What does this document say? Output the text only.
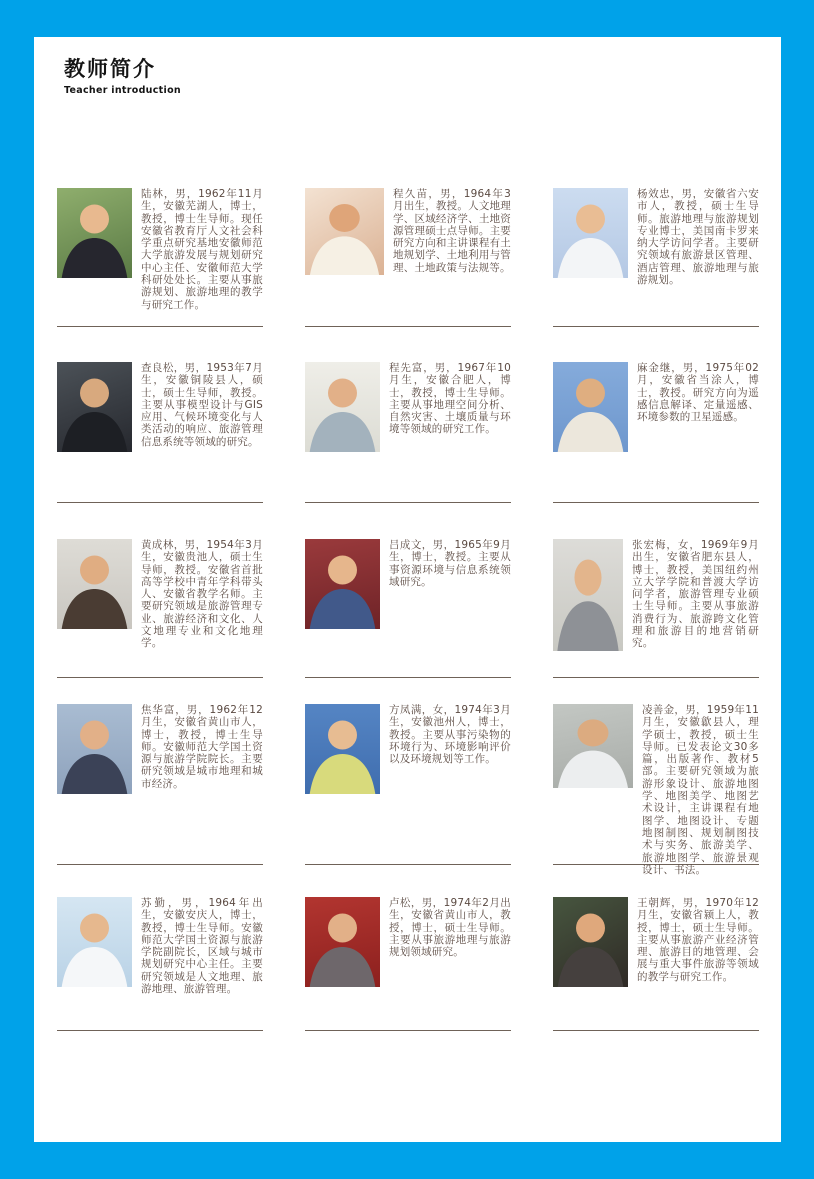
教师简介
Teacher introduction

陆林，男，1962年11月生，安徽芜湖人，博士，教授，博士生导师。现任安徽省教育厅人文社会科学重点研究基地安徽师范大学旅游发展与规划研究中心主任、安徽师范大学科研处处长。主要从事旅游规划、旅游地理的教学与研究工作。

程久苗，男，1964年3月出生，教授。人文地理学、区域经济学、土地资源管理硕士点导师。主要研究方向和主讲课程有土地规划学、土地利用与管理、土地政策与法规等。

杨效忠，男，安徽省六安市人，教授，硕士生导师。旅游地理与旅游规划专业博士，美国南卡罗来纳大学访问学者。主要研究领域有旅游景区管理、酒店管理、旅游地理与旅游规划。

查良松，男，1953年7月生，安徽铜陵县人，硕士，硕士生导师，教授。主要从事模型设计与GIS应用、气候环境变化与人类活动的响应、旅游管理信息系统等领域的研究。

程先富，男，1967年10月生，安徽合肥人，博士，教授，博士生导师。主要从事地理空间分析、自然灾害、土壤质量与环境等领域的研究工作。

麻金继，男，1975年02月，安徽省当涂人，博士，教授。研究方向为遥感信息解译、定量遥感、环境参数的卫星遥感。

黄成林，男，1954年3月生，安徽贵池人，硕士生导师，教授。安徽省首批高等学校中青年学科带头人、安徽省教学名师。主要研究领域是旅游管理专业、旅游经济和文化、人文地理专业和文化地理学。

吕成文，男，1965年9月生，博士，教授。主要从事资源环境与信息系统领域研究。

张宏梅，女，1969年9月出生，安徽省肥东县人，博士，教授，美国纽约州立大学学院和普渡大学访问学者，旅游管理专业硕士生导师。主要从事旅游消费行为、旅游跨文化管理和旅游目的地营销研究。

焦华富，男，1962年12月生，安徽省黄山市人，博士，教授，博士生导师。安徽师范大学国土资源与旅游学院院长。主要研究领域是城市地理和城市经济。

方凤满，女，1974年3月生，安徽池州人，博士，教授。主要从事污染物的环境行为、环境影响评价以及环境规划等工作。

凌善金，男，1959年11月生，安徽歙县人，理学硕士，教授，硕士生导师。已发表论文30多篇，出版著作、教材5部。主要研究领域为旅游形象设计、旅游地图学、地图美学、地图艺术设计，主讲课程有地图学、地图设计、专题地图制图、规划制图技术与实务、旅游美学、旅游地图学、旅游景观设计、书法。

苏勤，男，1964年出生，安徽安庆人，博士，教授，博士生导师。安徽师范大学国土资源与旅游学院副院长，区域与城市规划研究中心主任。主要研究领域是人文地理、旅游地理、旅游管理。

卢松，男，1974年2月出生，安徽省黄山市人，教授，博士，硕士生导师。主要从事旅游地理与旅游规划领域研究。

王朝辉，男，1970年12月生，安徽省颍上人，教授，博士，硕士生导师。主要从事旅游产业经济管理、旅游目的地管理、会展与重大事件旅游等领域的教学与研究工作。
